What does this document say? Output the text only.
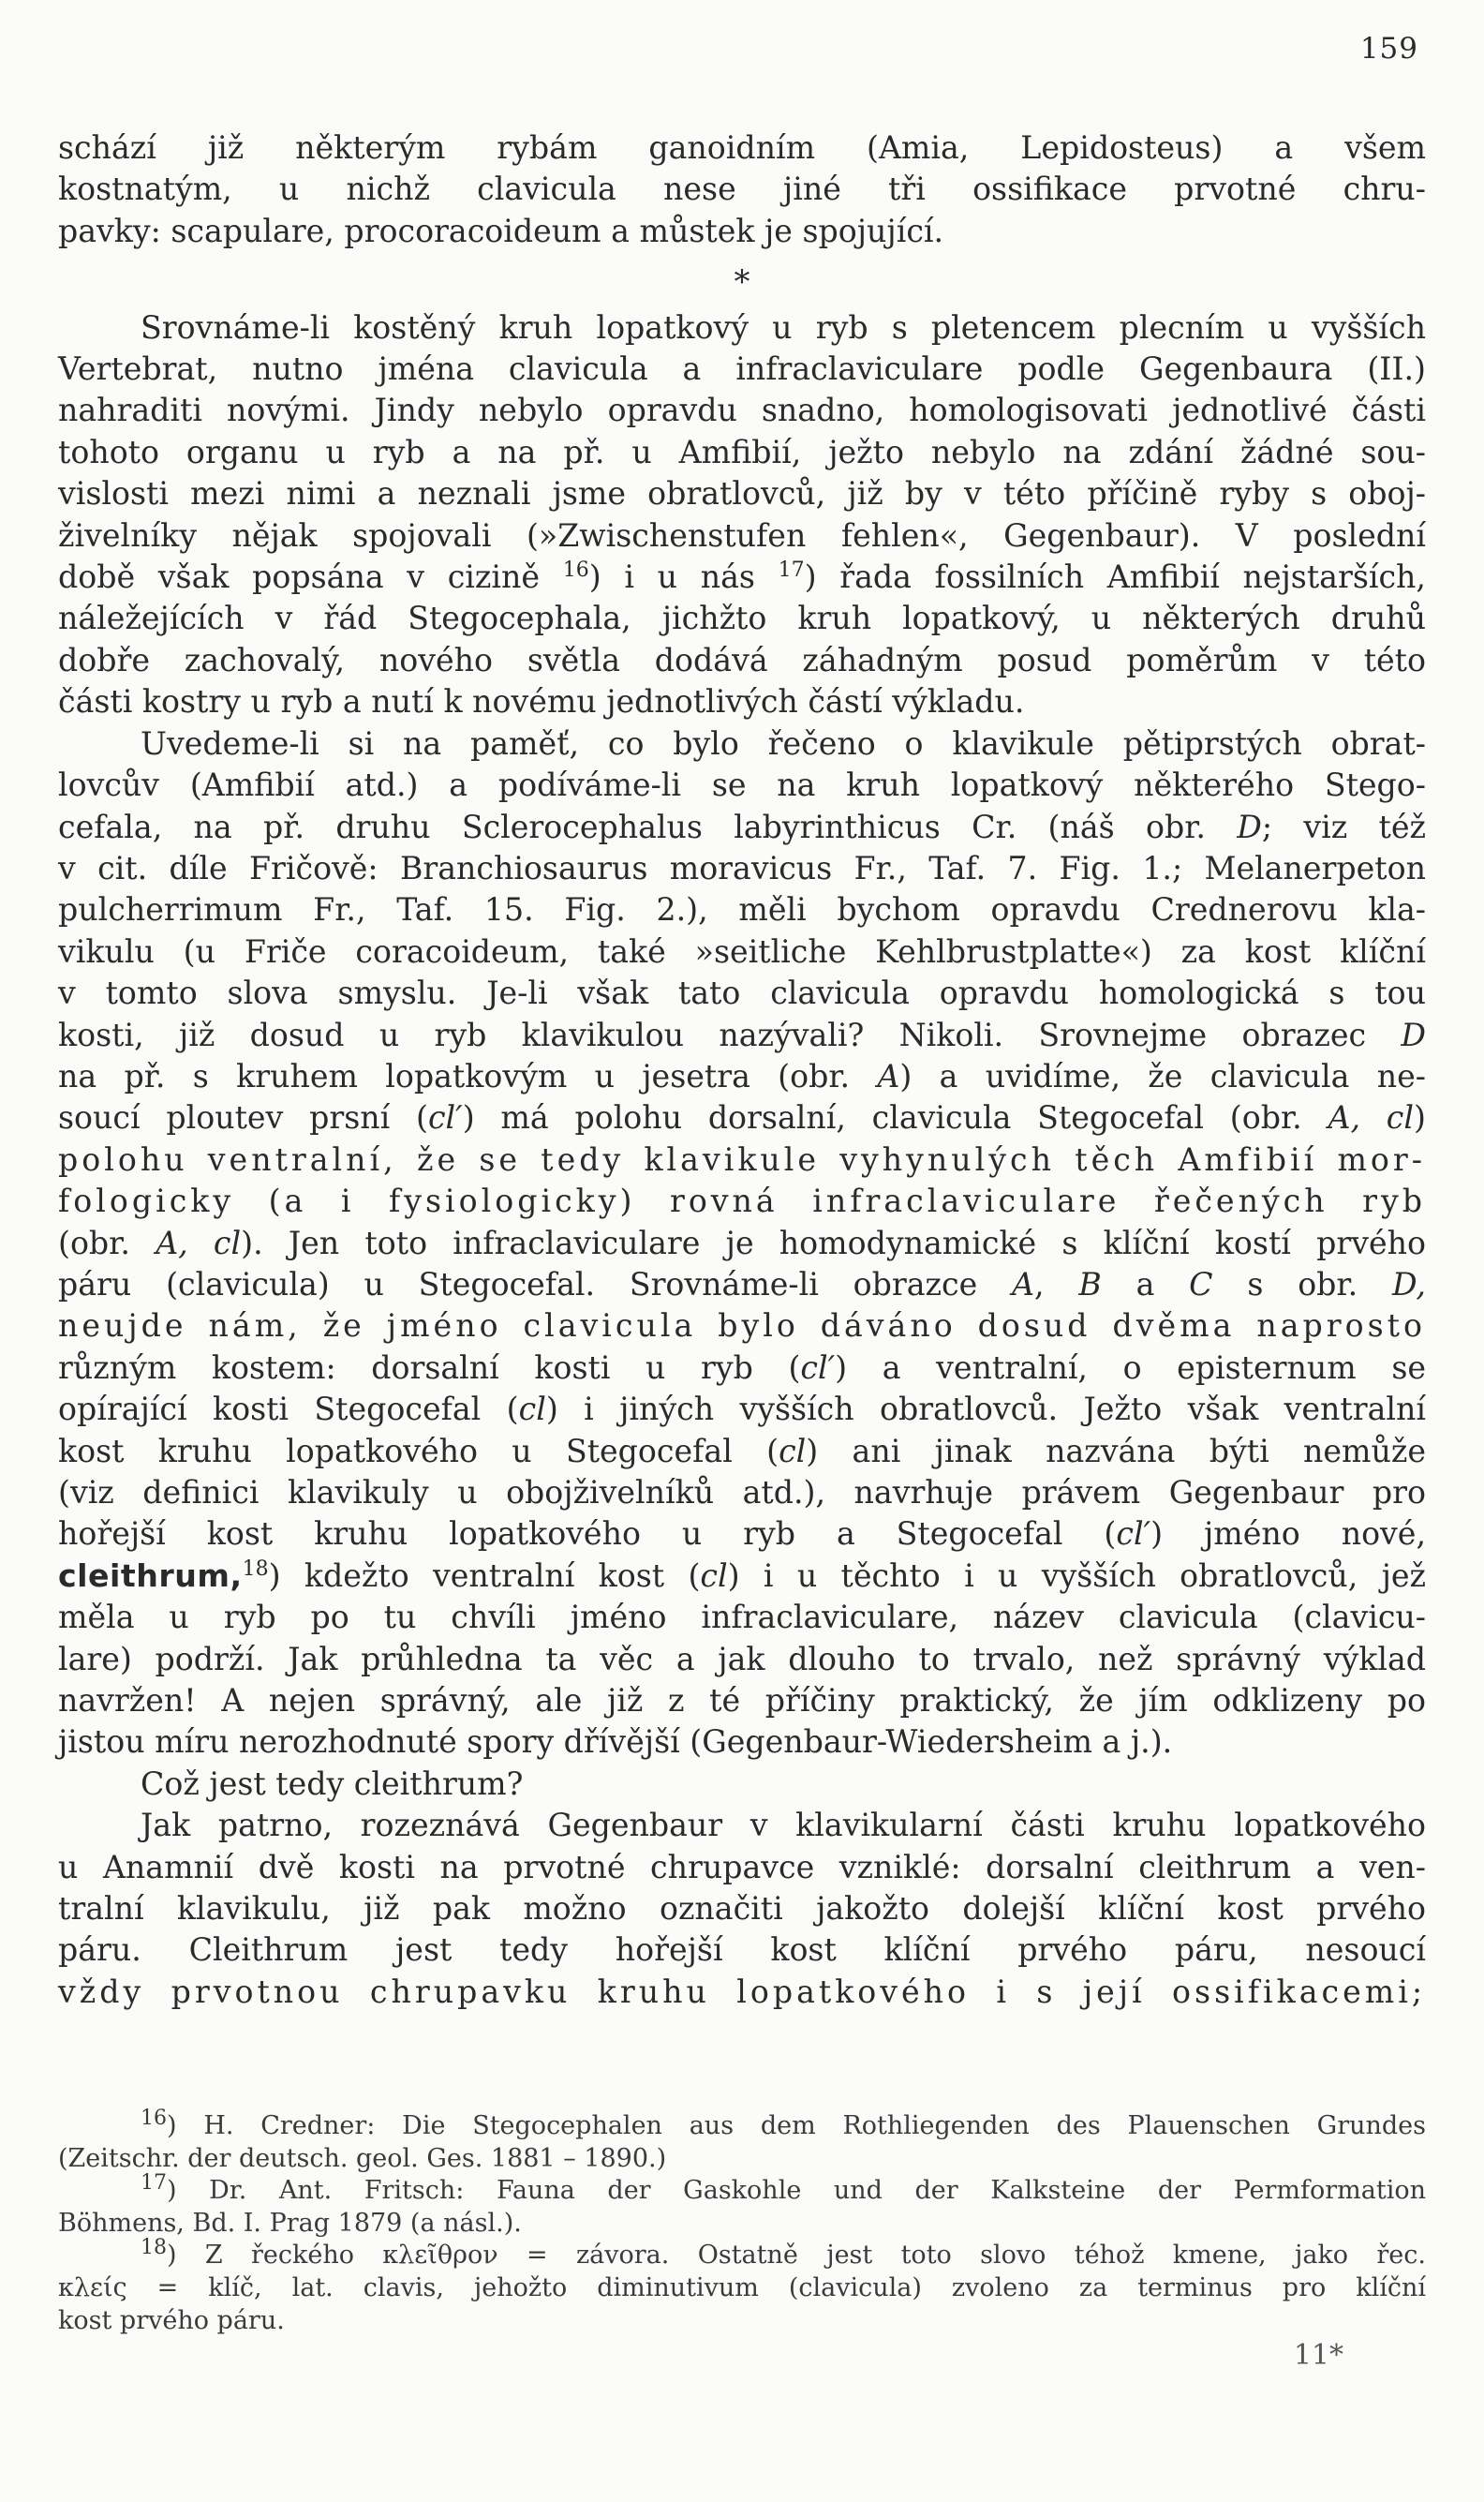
159
schází již některým rybám ganoidním (Amia, Lepidosteus) a všem
kostnatým, u nichž clavicula nese jiné tři ossifikace prvotné chru-
pavky: scapulare, procoracoideum a můstek je spojující.
*
Srovnáme-li kostěný kruh lopatkový u ryb s pletencem plecním u vyšších
Vertebrat, nutno jména clavicula a infraclaviculare podle Gegenbaura (II.)
nahraditi novými. Jindy nebylo opravdu snadno, homologisovati jednotlivé části
tohoto organu u ryb a na př. u Amfibií, ježto nebylo na zdání žádné sou-
vislosti mezi nimi a neznali jsme obratlovců, již by v této příčině ryby s oboj-
živelníky nějak spojovali (»Zwischenstufen fehlen«, Gegenbaur). V poslední
době však popsána v cizině $^{16}$) i u nás $^{17}$) řada fossilních Amfibií nejstarších,
náležejících v řád Stegocephala, jichžto kruh lopatkový, u některých druhů
dobře zachovalý, nového světla dodává záhadným posud poměrům v této
části kostry u ryb a nutí k novému jednotlivých částí výkladu.
Uvedeme-li si na paměť, co bylo řečeno o klavikule pětiprstých obrat-
lovcův (Amfibií atd.) a podíváme-li se na kruh lopatkový některého Stego-
cefala, na př. druhu Sclerocephalus labyrinthicus Cr. (náš obr. D; viz též
v cit. díle Fričově: Branchiosaurus moravicus Fr., Taf. 7. Fig. 1.; Melanerpeton
pulcherrimum Fr., Taf. 15. Fig. 2.), měli bychom opravdu Crednerovu kla-
vikulu (u Friče coracoideum, také »seitliche Kehlbrustplatte«) za kost klíční
v tomto slova smyslu. Je-li však tato clavicula opravdu homologická s tou
kosti, již dosud u ryb klavikulou nazývali? Nikoli. Srovnejme obrazec D
na př. s kruhem lopatkovým u jesetra (obr. A) a uvidíme, že clavicula ne-
soucí ploutev prsní (cl′) má polohu dorsalní, clavicula Stegocefal (obr. A, cl)
polohu ventralní, že se tedy klavikule vyhynulých těch Amfibií mor-
fologicky (a i fysiologicky) rovná infraclaviculare řečených ryb
(obr. A, cl). Jen toto infraclaviculare je homodynamické s klíční kostí prvého
páru (clavicula) u Stegocefal. Srovnáme-li obrazce A, B a C s obr. D,
neujde nám, že jméno clavicula bylo dáváno dosud dvěma naprosto
různým kostem: dorsalní kosti u ryb (cl′) a ventralní, o episternum se
opírající kosti Stegocefal (cl) i jiných vyšších obratlovců. Ježto však ventralní
kost kruhu lopatkového u Stegocefal (cl) ani jinak nazvána býti nemůže
(viz definici klavikuly u obojživelníků atd.), navrhuje právem Gegenbaur pro
hořejší kost kruhu lopatkového u ryb a Stegocefal (cl′) jméno nové,
cleithrum,$^{18}$) kdežto ventralní kost (cl) i u těchto i u vyšších obratlovců, jež
měla u ryb po tu chvíli jméno infraclaviculare, název clavicula (clavicu-
lare) podrží. Jak průhledna ta věc a jak dlouho to trvalo, než správný výklad
navržen! A nejen správný, ale již z té příčiny praktický, že jím odklizeny po
jistou míru nerozhodnuté spory dřívější (Gegenbaur-Wiedersheim a j.).
Což jest tedy cleithrum?
Jak patrno, rozeznává Gegenbaur v klavikularní části kruhu lopatkového
u Anamnií dvě kosti na prvotné chrupavce vzniklé: dorsalní cleithrum a ven-
tralní klavikulu, již pak možno označiti jakožto dolejší klíční kost prvého
páru. Cleithrum jest tedy hořejší kost klíční prvého páru, nesoucí
vždy prvotnou chrupavku kruhu lopatkového i s její ossifikacemi;
$^{16}$) H. Credner: Die Stegocephalen aus dem Rothliegenden des Plauenschen Grundes
(Zeitschr. der deutsch. geol. Ges. 1881 – 1890.)
$^{17}$) Dr. Ant. Fritsch: Fauna der Gaskohle und der Kalksteine der Permformation
Böhmens, Bd. I. Prag 1879 (a násl.).
$^{18}$) Z řeckého κλεῖθρον = závora. Ostatně jest toto slovo téhož kmene, jako řec.
κλείς = klíč, lat. clavis, jehožto diminutivum (clavicula) zvoleno za terminus pro klíční
kost prvého páru.
11*
